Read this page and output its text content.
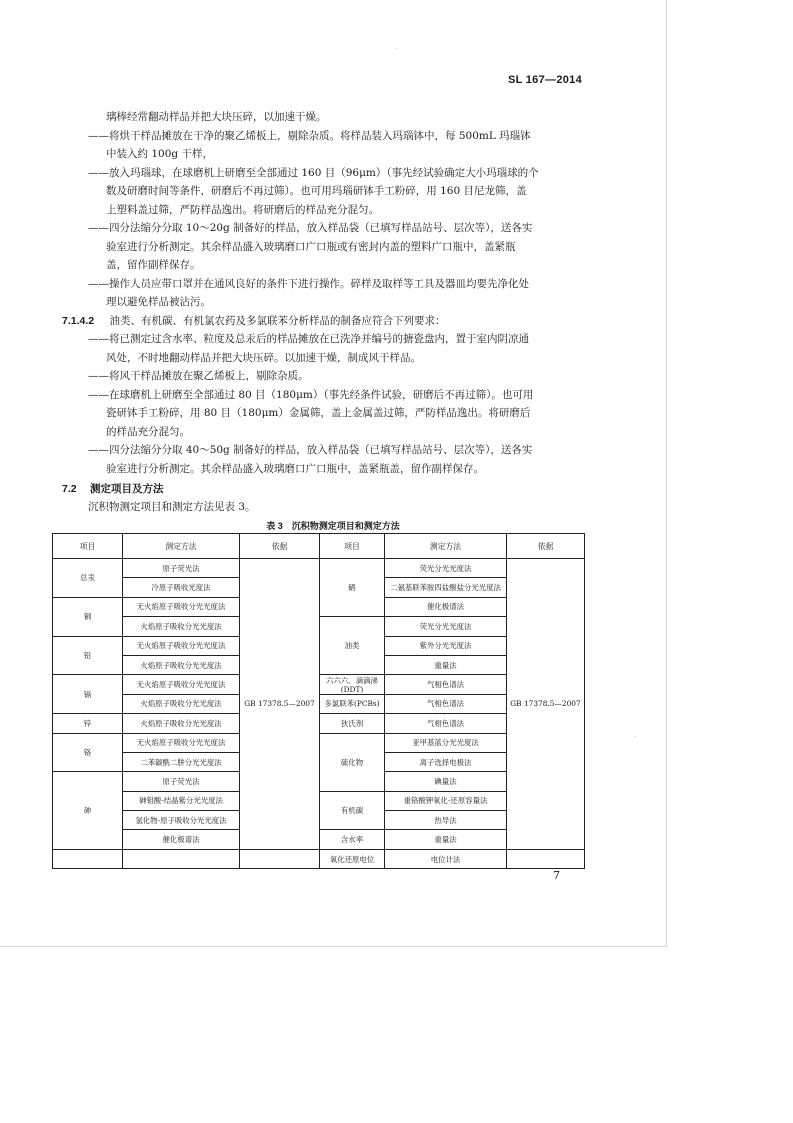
SL 167—2014
·
璃棒经常翻动样品并把大块压碎，以加速干燥。
——将烘干样品摊放在干净的聚乙烯板上，剔除杂质。将样品装入玛瑙钵中，每 500mL 玛瑙钵
中装入约 100g 干样，
——放入玛瑙球，在球磨机上研磨至全部通过 160 目（96μm）（事先经试验确定大小玛瑙球的个
数及研磨时间等条件，研磨后不再过筛）。也可用玛瑙研钵手工粉碎，用 160 目尼龙筛，盖
上塑料盖过筛，严防样品逸出。将研磨后的样品充分混匀。
——四分法缩分分取 10～20g 制备好的样品，放入样品袋（已填写样品站号、层次等），送各实
验室进行分析测定。其余样品盛入玻璃磨口广口瓶或有密封内盖的塑料广口瓶中，盖紧瓶
盖，留作副样保存。
——操作人员应带口罩并在通风良好的条件下进行操作。碎样及取样等工具及器皿均要先净化处
理以避免样品被沾污。
7.1.4.2 油类、有机碳、有机氯农药及多氯联苯分析样品的制备应符合下列要求：
——将已测定过含水率、粒度及总汞后的样品摊放在已洗净并编号的搪瓷盘内，置于室内阴凉通
风处，不时地翻动样品并把大块压碎。以加速干燥，制成风干样品。
——将风干样品摊放在聚乙烯板上，剔除杂质。
——在球磨机上研磨至全部通过 80 目（180μm）（事先经条件试验，研磨后不再过筛）。也可用
瓷研钵手工粉碎，用 80 目（180μm）金属筛，盖上金属盖过筛，严防样品逸出。将研磨后
的样品充分混匀。
——四分法缩分分取 40～50g 制备好的样品，放入样品袋（已填写样品站号、层次等），送各实
验室进行分析测定。其余样品盛入玻璃磨口广口瓶中，盖紧瓶盖，留作副样保存。
7.2 测定项目及方法
沉积物测定项目和测定方法见表 3。
表 3　沉积物测定项目和测定方法
项目	测定方法	依据	项目	测定方法	依据
总汞	原子荧光法	GB 17378.5—2007	硒	荧光分光光度法	GB 17378.5—2007
	冷原子吸收光度法			二氨基联苯胺四盐酸盐分光光度法	
铜	无火焰原子吸收分光光度法			催化极谱法	
	火焰原子吸收分光光度法		油类	荧光分光光度法	
铅	无火焰原子吸收分光光度法			紫外分光光度法	
	火焰原子吸收分光光度法			重量法	
镉	无火焰原子吸收分光光度法		六六六、滴滴涕(DDT)	气相色谱法	
	火焰原子吸收分光光度法		多氯联苯(PCBs)	气相色谱法	
锌	火焰原子吸收分光光度法		狄氏剂	气相色谱法	
铬	无火焰原子吸收分光光度法		硫化物	亚甲基蓝分光光度法	
	二苯碳酰二肼分光光度法			离子选择电极法	
砷	原子荧光法			碘量法	
	砷钼酸-结晶紫分光光度法		有机碳	重铬酸钾氧化-还原容量法	
	氢化物-原子吸收分光光度法			热导法	
	催化极谱法		含水率	重量法	
			氧化还原电位	电位计法	
7
·
